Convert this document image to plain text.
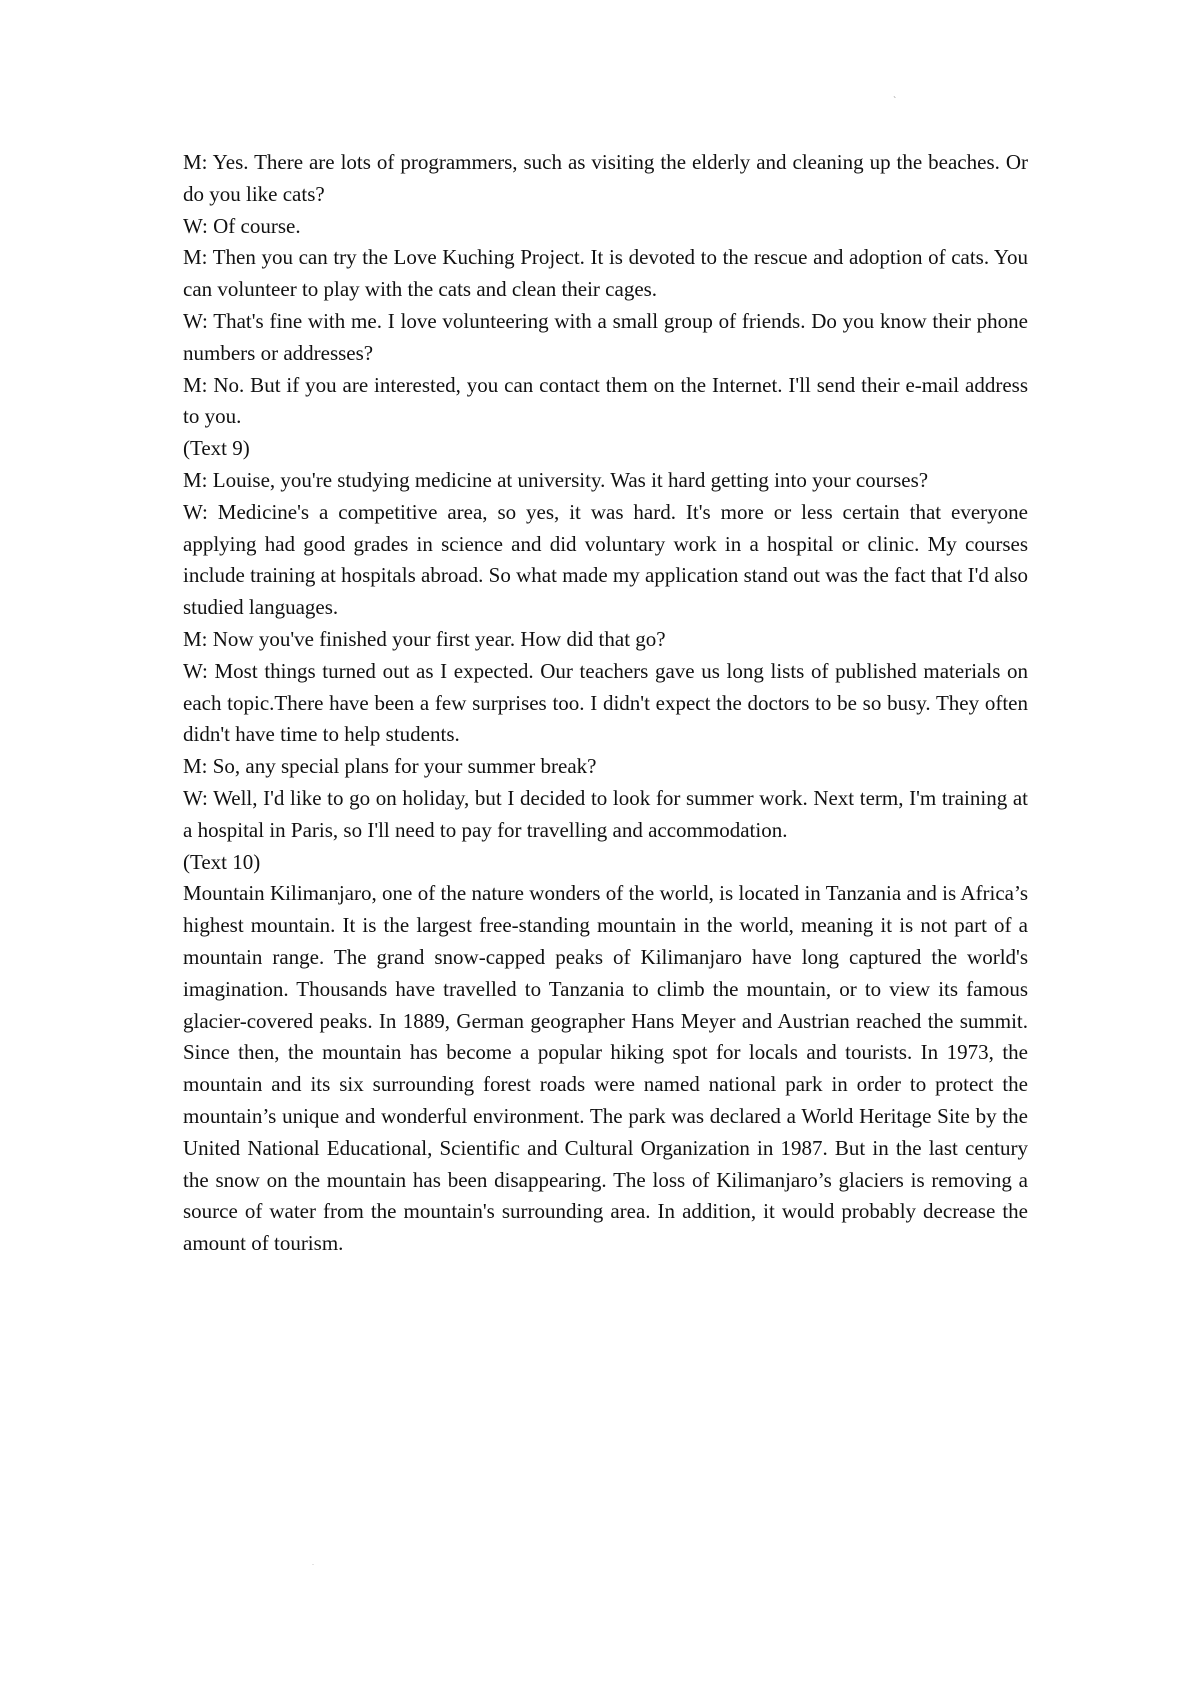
`
.

M: Yes. There are lots of programmers, such as visiting the elderly and cleaning up the beaches. Or do you like cats?

W: Of course.

M: Then you can try the Love Kuching Project. It is devoted to the rescue and adoption of cats. You can volunteer to play with the cats and clean their cages.

W: That's fine with me. I love volunteering with a small group of friends. Do you know their phone numbers or addresses?

M: No. But if you are interested, you can contact them on the Internet. I'll send their e-mail address to you.

(Text 9)

M: Louise, you're studying medicine at university. Was it hard getting into your courses?

W: Medicine's a competitive area, so yes, it was hard. It's more or less certain that everyone applying had good grades in science and did voluntary work in a hospital or clinic. My courses include training at hospitals abroad. So what made my application stand out was the fact that I'd also studied languages.

M: Now you've finished your first year. How did that go?

W: Most things turned out as I expected. Our teachers gave us long lists of published materials on each topic.There have been a few surprises too. I didn't expect the doctors to be so busy. They often didn't have time to help students.

M: So, any special plans for your summer break?

W: Well, I'd like to go on holiday, but I decided to look for summer work. Next term, I'm training at a hospital in Paris, so I'll need to pay for travelling and accommodation.

(Text 10)

Mountain Kilimanjaro, one of the nature wonders of the world, is located in Tanzania and is Africa’s highest mountain. It is the largest free-standing mountain in the world, meaning it is not part of a mountain range. The grand snow-capped peaks of Kilimanjaro have long captured the world's imagination. Thousands have travelled to Tanzania to climb the mountain, or to view its famous glacier-covered peaks. In 1889, German geographer Hans Meyer and Austrian reached the summit. Since then, the mountain has become a popular hiking spot for locals and tourists. In 1973, the mountain and its six surrounding forest roads were named national park in order to protect the mountain’s unique and wonderful environment. The park was declared a World Heritage Site by the United National Educational, Scientific and Cultural Organization in 1987. But in the last century the snow on the mountain has been disappearing. The loss of Kilimanjaro’s glaciers is removing a source of water from the mountain's surrounding area. In addition, it would probably decrease the amount of tourism.
